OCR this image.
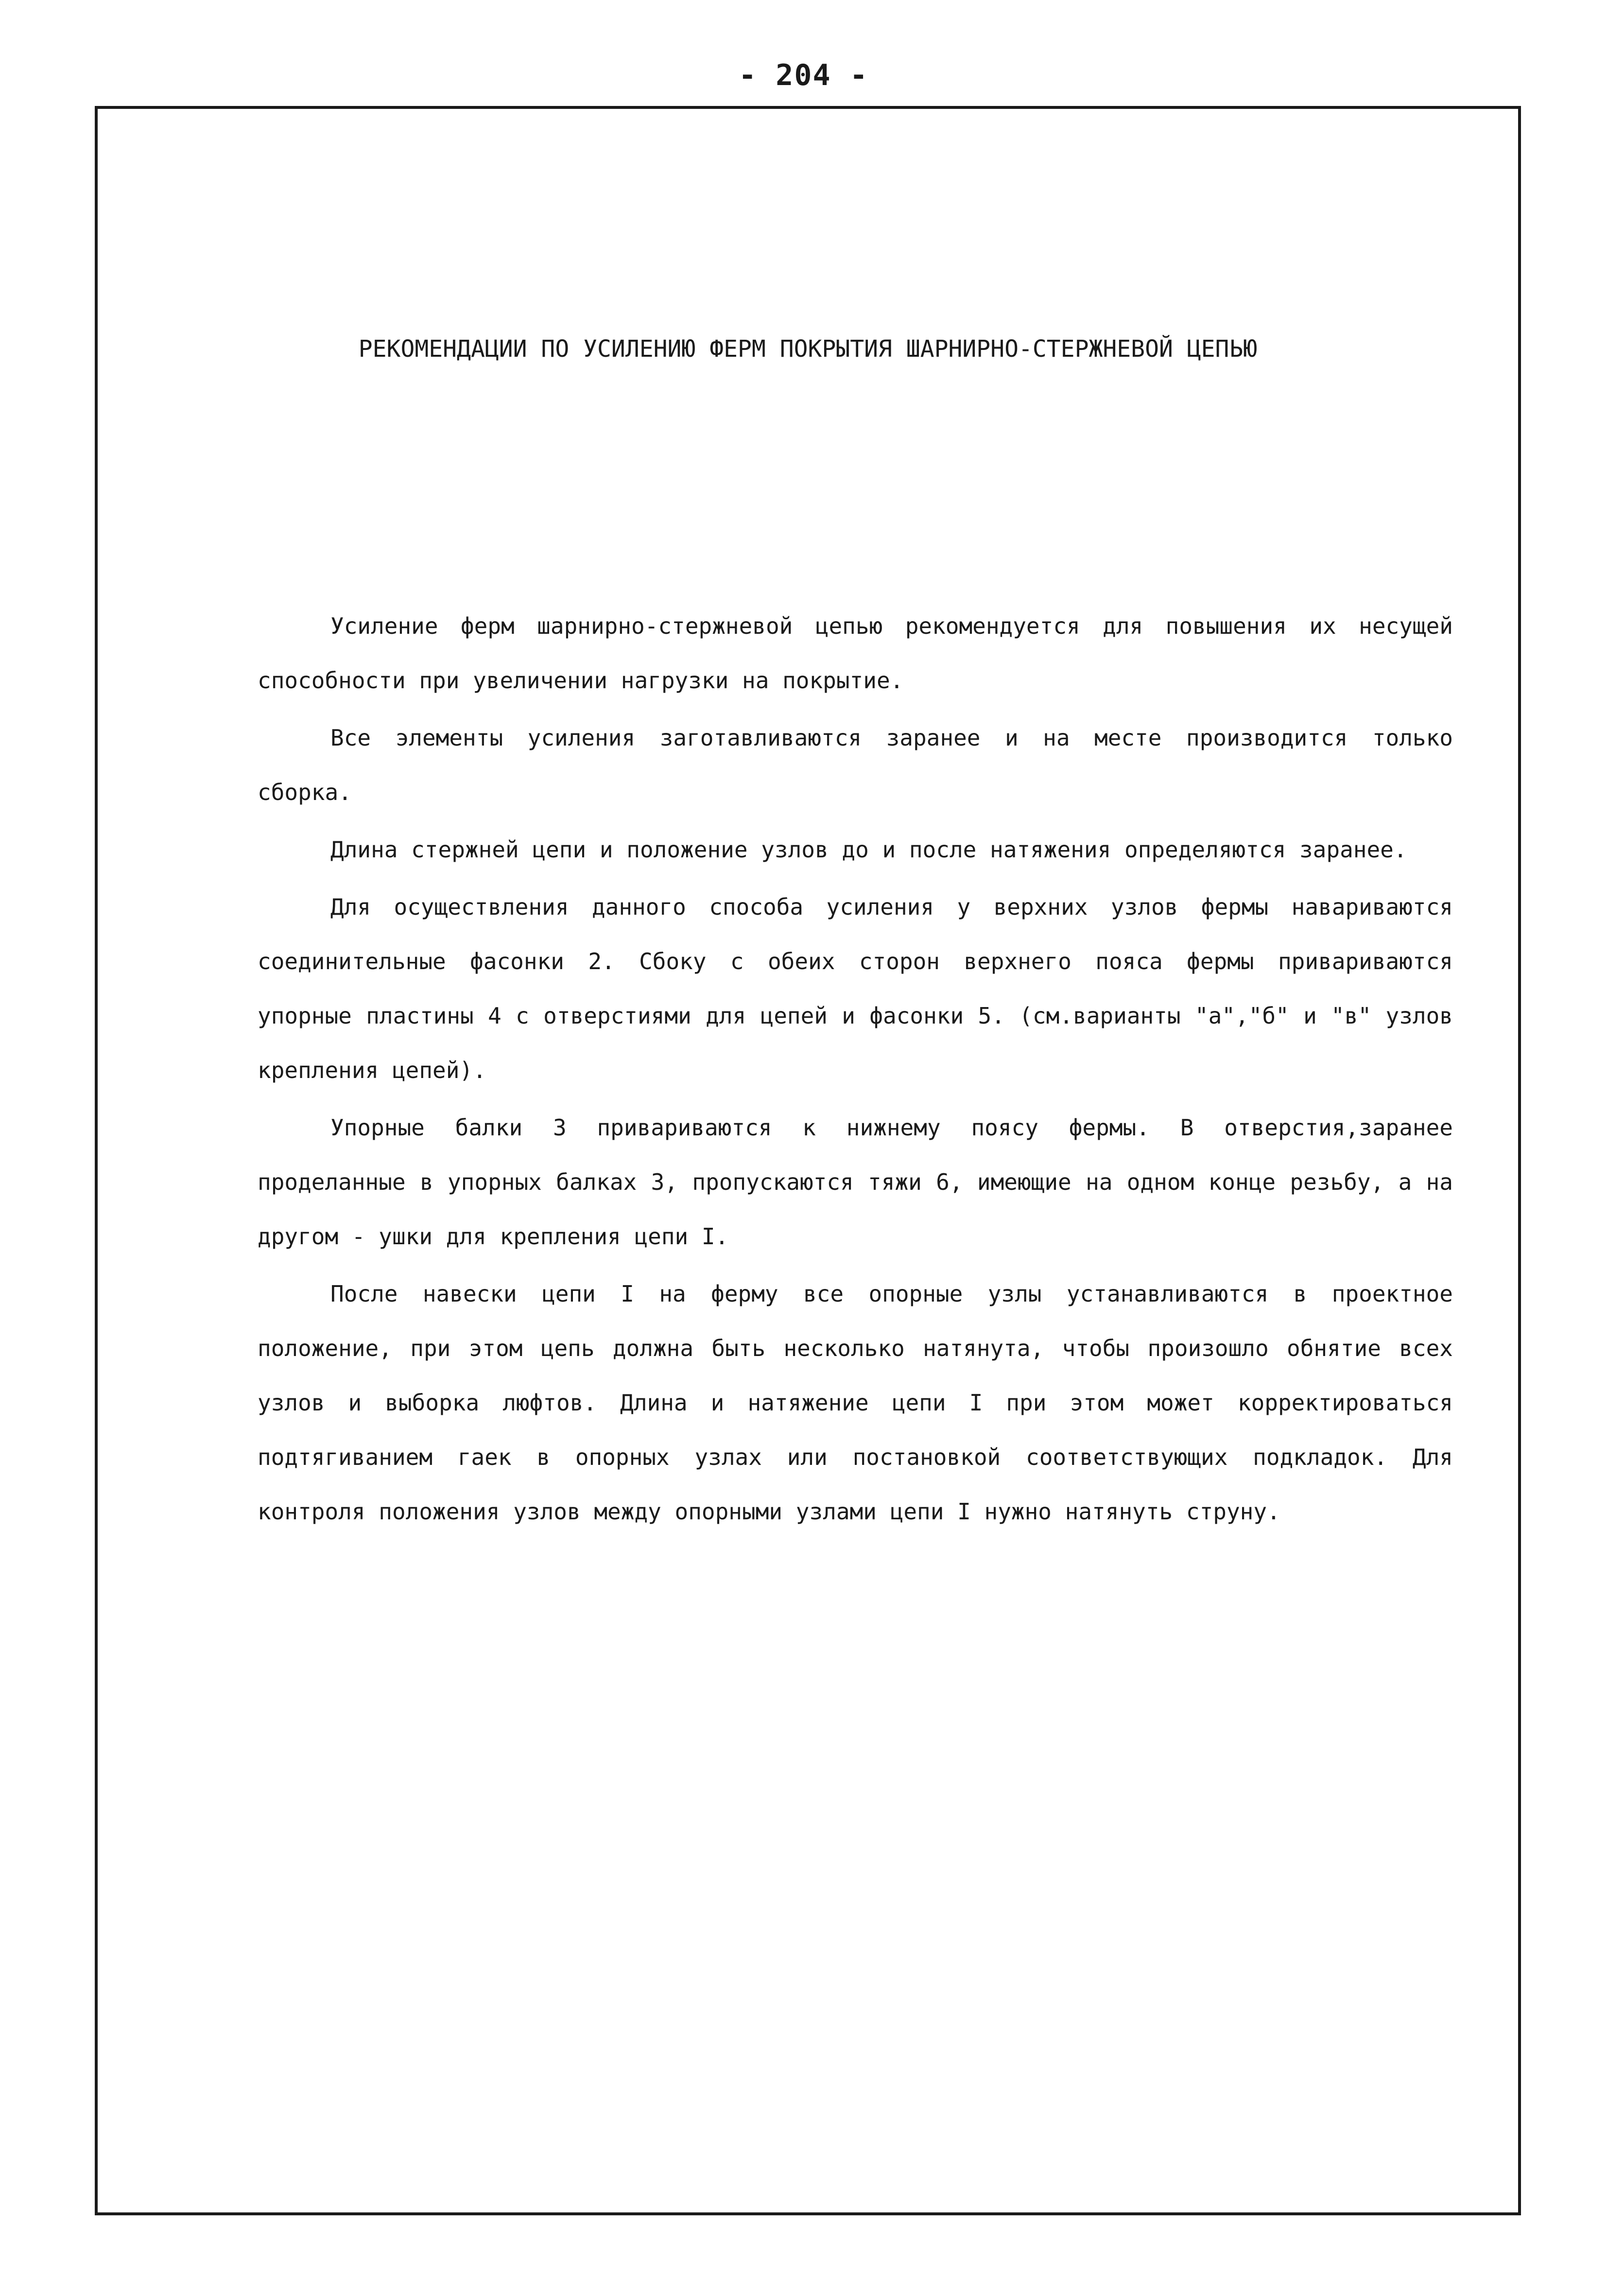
- 204 -
РЕКОМЕНДАЦИИ ПО УСИЛЕНИЮ ФЕРМ ПОКРЫТИЯ ШАРНИРНО-СТЕРЖНЕВОЙ ЦЕПЬЮ

Усиление ферм шарнирно-стержневой цепью рекомендуется для повышения их несущей способности при увеличении нагрузки на покрытие.

Все элементы усиления заготавливаются заранее и на месте производится только сборка.

Длина стержней цепи и положение узлов до и после натяжения определяются заранее.

Для осуществления данного способа усиления у верхних узлов фермы навариваются соединительные фасонки 2. Сбоку с обеих сторон верхнего пояса фермы привариваются упорные пластины 4 с отверстиями для цепей и фасонки 5. (см.варианты "а","б" и "в" узлов крепления цепей).

Упорные балки 3 привариваются к нижнему поясу фермы. В отверстия,заранее проделанные в упорных балках 3, пропускаются тяжи 6, имеющие на одном конце резьбу, а на другом - ушки для крепления цепи I.

После навески цепи I на ферму все опорные узлы устанавливаются в проектное положение, при этом цепь должна быть несколько натянута, чтобы произошло обнятие всех узлов и выборка люфтов. Длина и натяжение цепи I при этом может корректироваться подтягиванием гаек в опорных узлах или постановкой соответствующих подкладок. Для контроля положения узлов между опорными узлами цепи I нужно натянуть струну.
